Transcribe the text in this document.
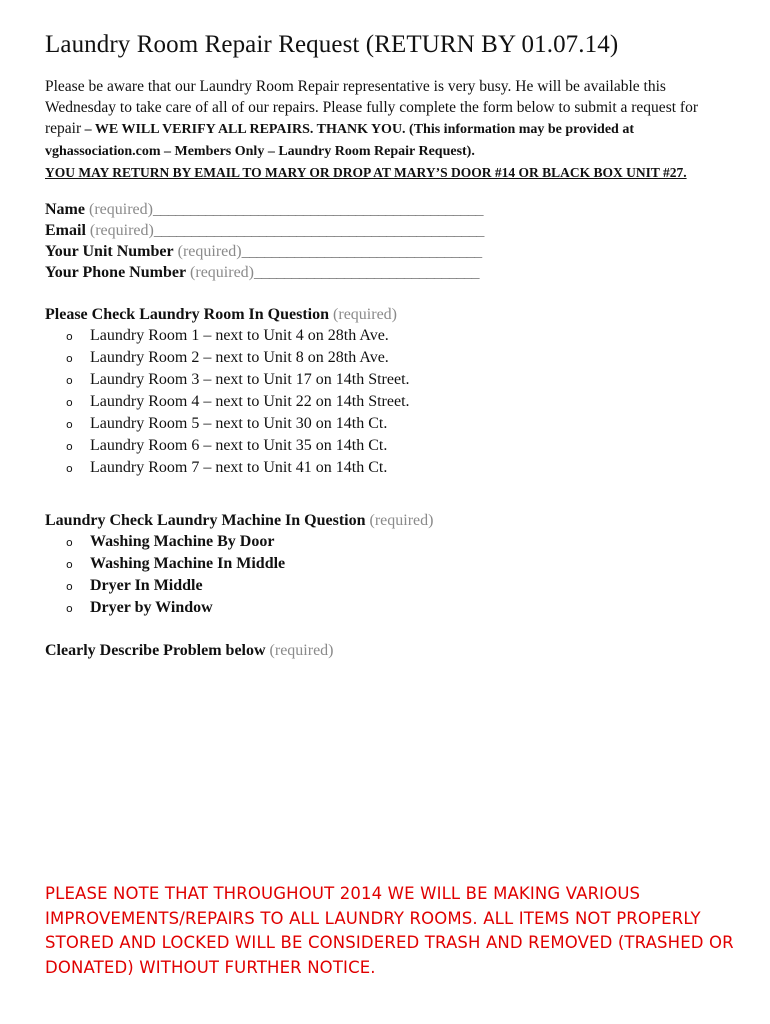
Laundry Room Repair Request (RETURN BY 01.07.14)
Please be aware that our Laundry Room Repair representative is very busy. He will be available this Wednesday to take care of all of our repairs. Please fully complete the form below to submit a request for repair – WE WILL VERIFY ALL REPAIRS. THANK YOU. (This information may be provided at vghassociation.com – Members Only – Laundry Room Repair Request).
YOU MAY RETURN BY EMAIL TO MARY OR DROP AT MARY’S DOOR #14 OR BLACK BOX UNIT #27.
Name (required)____________________________________________
Email (required)____________________________________________
Your Unit Number (required)________________________________
Your Phone Number (required)______________________________
Please Check Laundry Room In Question (required)
o	Laundry Room 1 – next to Unit 4 on 28th Ave.
o	Laundry Room 2 – next to Unit 8 on 28th Ave.
o	Laundry Room 3 – next to Unit 17 on 14th Street.
o	Laundry Room 4 – next to Unit 22 on 14th Street.
o	Laundry Room 5 – next to Unit 30 on 14th Ct.
o	Laundry Room 6 – next to Unit 35 on 14th Ct.
o	Laundry Room 7 – next to Unit 41 on 14th Ct.
Laundry Check Laundry Machine In Question (required)
o	Washing Machine By Door
o	Washing Machine In Middle
o	Dryer In Middle
o	Dryer by Window
Clearly Describe Problem below (required)
PLEASE NOTE THAT THROUGHOUT 2014 WE WILL BE MAKING VARIOUS IMPROVEMENTS/REPAIRS TO ALL LAUNDRY ROOMS. ALL ITEMS NOT PROPERLY STORED AND LOCKED WILL BE CONSIDERED TRASH AND REMOVED (TRASHED OR DONATED) WITHOUT FURTHER NOTICE.
